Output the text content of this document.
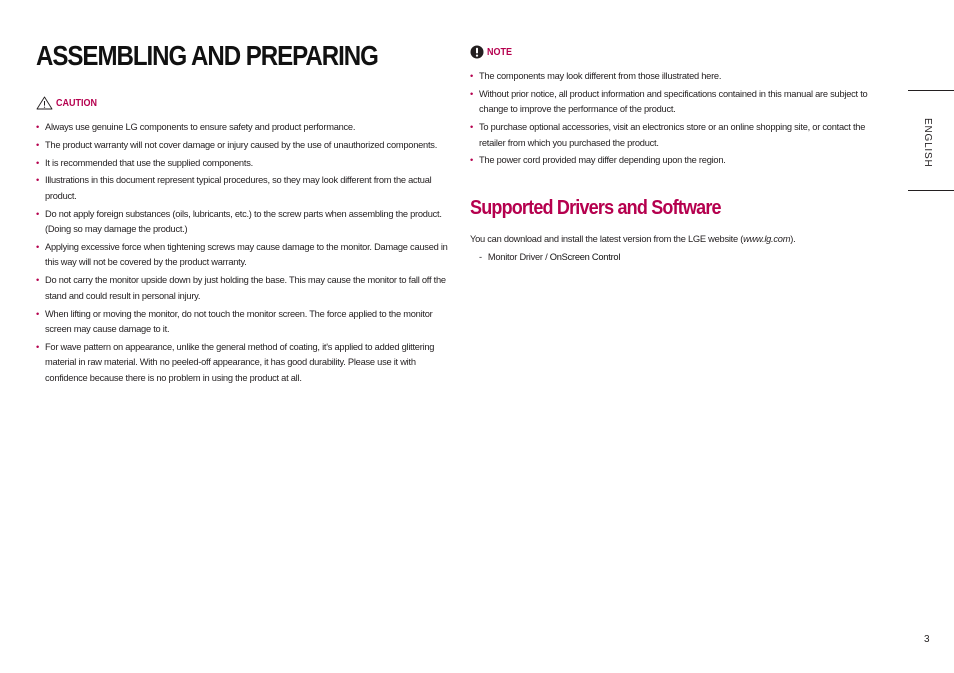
ASSEMBLING AND PREPARING
CAUTION
• Always use genuine LG components to ensure safety and product performance.
• The product warranty will not cover damage or injury caused by the use of unauthorized components.
• It is recommended that use the supplied components.
• Illustrations in this document represent typical procedures, so they may look different from the actual product.
• Do not apply foreign substances (oils, lubricants, etc.) to the screw parts when assembling the product. (Doing so may damage the product.)
• Applying excessive force when tightening screws may cause damage to the monitor. Damage caused in this way will not be covered by the product warranty.
• Do not carry the monitor upside down by just holding the base. This may cause the monitor to fall off the stand and could result in personal injury.
• When lifting or moving the monitor, do not touch the monitor screen. The force applied to the monitor screen may cause damage to it.
• For wave pattern on appearance, unlike the general method of coating, it's applied to added glittering material in raw material. With no peeled-off appearance, it has good durability. Please use it with confidence because there is no problem in using the product at all.
NOTE
• The components may look different from those illustrated here.
• Without prior notice, all product information and specifications contained in this manual are subject to change to improve the performance of the product.
• To purchase optional accessories, visit an electronics store or an online shopping site, or contact the retailer from which you purchased the product.
• The power cord provided may differ depending upon the region.
Supported Drivers and Software
You can download and install the latest version from the LGE website (www.lg.com).
- Monitor Driver / OnScreen Control
ENGLISH
3
